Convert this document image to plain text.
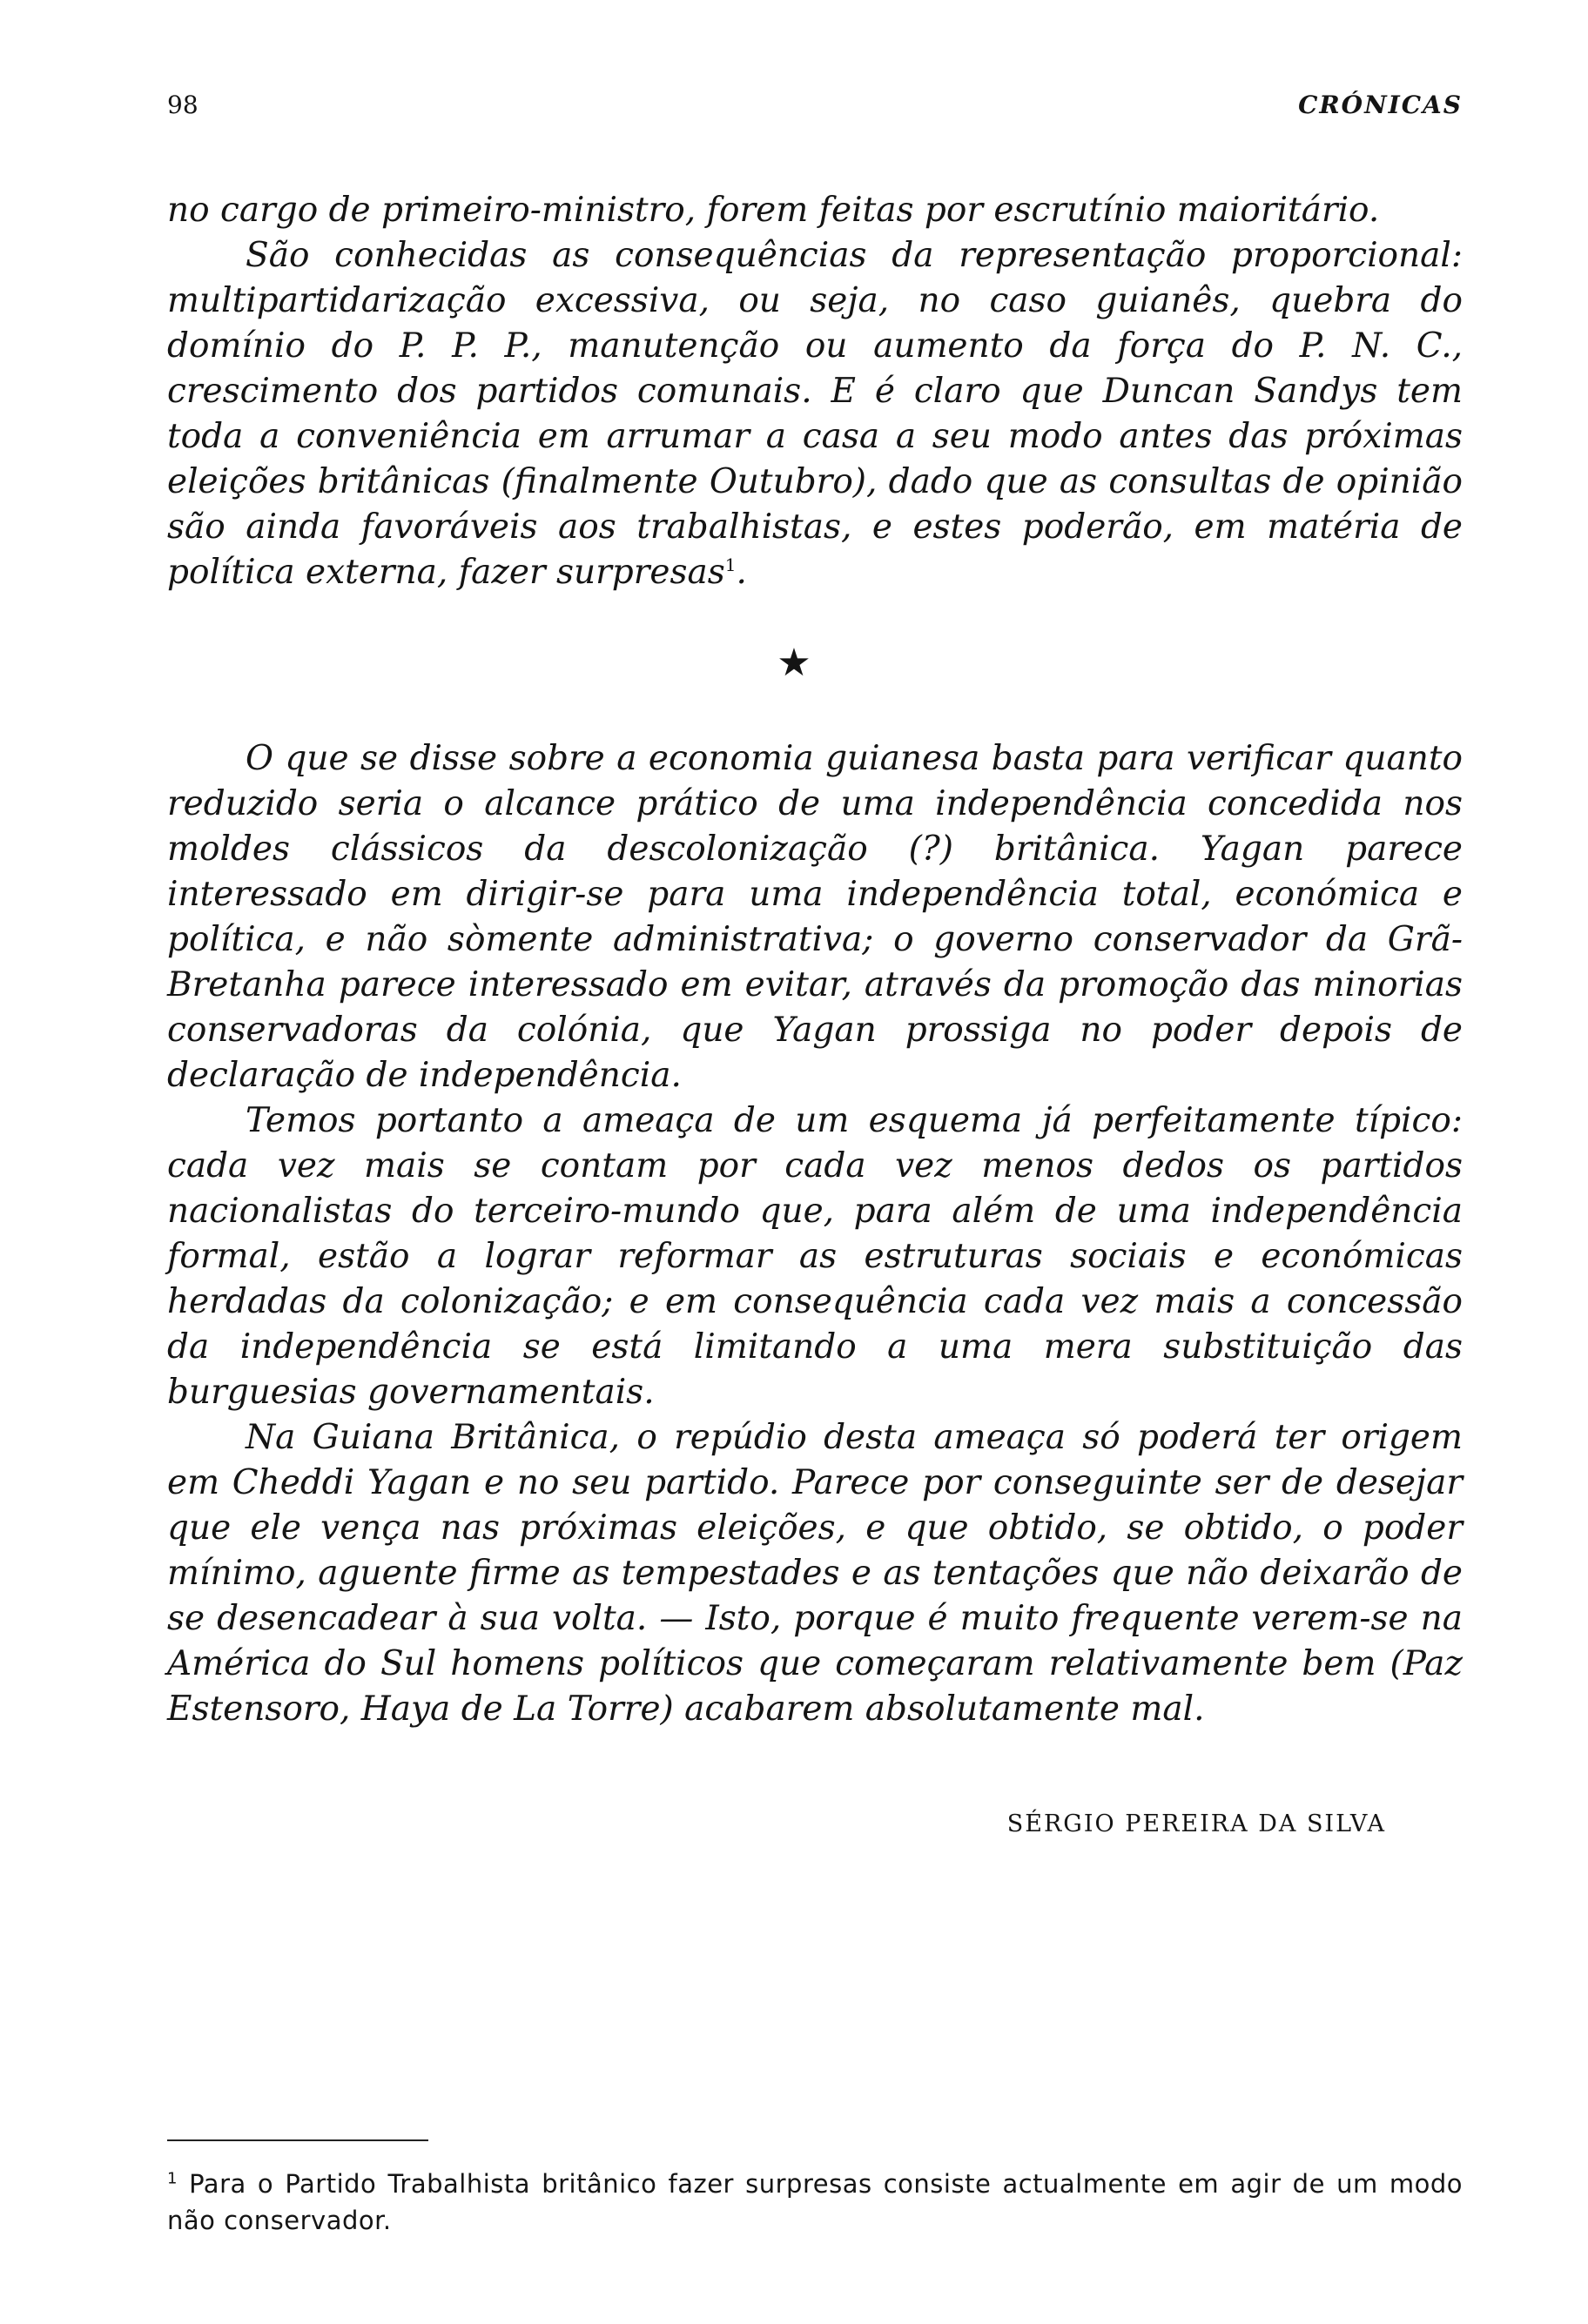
98	CRÓNICAS

no cargo de primeiro-ministro, forem feitas por escrutínio maioritário.

São conhecidas as consequências da representação proporcional: multipartidarização excessiva, ou seja, no caso guianês, quebra do domínio do P. P. P., manutenção ou aumento da força do P. N. C., crescimento dos partidos comunais. E é claro que Duncan Sandys tem toda a conveniência em arrumar a casa a seu modo antes das próximas eleições britânicas (finalmente Outubro), dado que as consultas de opinião são ainda favoráveis aos trabalhistas, e estes poderão, em matéria de política externa, fazer surpresas$^1$.

★

O que se disse sobre a economia guianesa basta para verificar quanto reduzido seria o alcance prático de uma independência concedida nos moldes clássicos da descolonização (?) britânica. Yagan parece interessado em dirigir-se para uma independência total, económica e política, e não sòmente administrativa; o governo conservador da Grã-Bretanha parece interessado em evitar, através da promoção das minorias conservadoras da colónia, que Yagan prossiga no poder depois de declaração de independência.

Temos portanto a ameaça de um esquema já perfeitamente típico: cada vez mais se contam por cada vez menos dedos os partidos nacionalistas do terceiro-mundo que, para além de uma independência formal, estão a lograr reformar as estruturas sociais e económicas herdadas da colonização; e em consequência cada vez mais a concessão da independência se está limitando a uma mera substituição das burguesias governamentais.

Na Guiana Britânica, o repúdio desta ameaça só poderá ter origem em Cheddi Yagan e no seu partido. Parece por conseguinte ser de desejar que ele vença nas próximas eleições, e que obtido, se obtido, o poder mínimo, aguente firme as tempestades e as tentações que não deixarão de se desencadear à sua volta. — Isto, porque é muito frequente verem-se na América do Sul homens políticos que começaram relativamente bem (Paz Estensoro, Haya de La Torre) acabarem absolutamente mal.

SÉRGIO PEREIRA DA SILVA

$^1$ Para o Partido Trabalhista britânico fazer surpresas consiste actualmente em agir de um modo não conservador.
